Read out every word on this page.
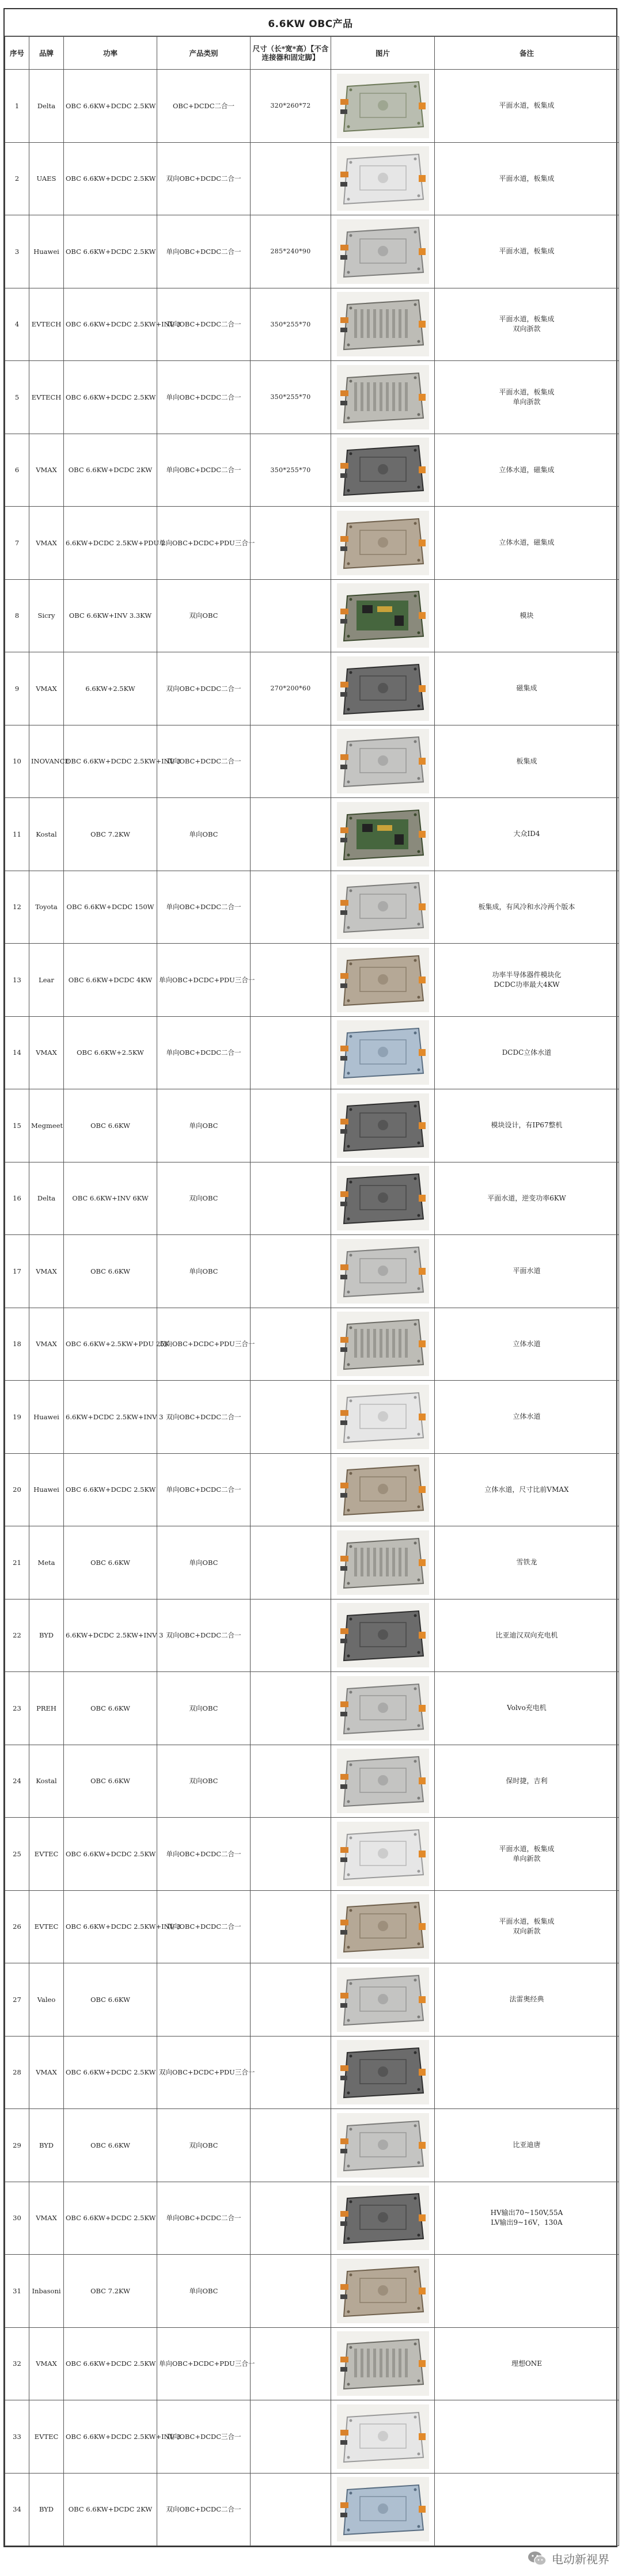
6.6KW OBC产品
序号	品牌	功率	产品类别	尺寸（长*宽*高）【不含连接器和固定脚】	图片	备注
1	Delta	OBC 6.6KW+DCDC 2.5KW	OBC+DCDC二合一	320*260*72		平面水道，板集成
2	UAES	OBC 6.6KW+DCDC 2.5KW	双向OBC+DCDC二合一			平面水道，板集成
3	Huawei	OBC 6.6KW+DCDC 2.5KW	单向OBC+DCDC二合一	285*240*90		平面水道，板集成
4	EVTECH	OBC 6.6KW+DCDC 2.5KW+INV 3	双向OBC+DCDC二合一	350*255*70		平面水道，板集成
双向浙款
5	EVTECH	OBC 6.6KW+DCDC 2.5KW	单向OBC+DCDC二合一	350*255*70		平面水道，板集成
单向浙款
6	VMAX	OBC 6.6KW+DCDC 2KW	单向OBC+DCDC二合一	350*255*70		立体水道，磁集成
7	VMAX	6.6KW+DCDC 2.5KW+PDU 2	单向OBC+DCDC+PDU三合一			立体水道，磁集成
8	Sicry	OBC 6.6KW+INV 3.3KW	双向OBC			模块
9	VMAX	6.6KW+2.5KW	双向OBC+DCDC二合一	270*200*60		磁集成
10	INOVANCE	OBC 6.6KW+DCDC 2.5KW+INV 3	双向OBC+DCDC二合一			板集成
11	Kostal	OBC 7.2KW	单向OBC			大众ID4
12	Toyota	OBC 6.6KW+DCDC 150W	单向OBC+DCDC二合一			板集成，有风冷和水冷两个版本
13	Lear	OBC 6.6KW+DCDC 4KW	单向OBC+DCDC+PDU三合一			功率半导体器件模块化
DCDC功率最大4KW
14	VMAX	OBC 6.6KW+2.5KW	单向OBC+DCDC二合一			DCDC立体水道
15	Megmeet	OBC 6.6KW	单向OBC			模块设计，有IP67整机
16	Delta	OBC 6.6KW+INV 6KW	双向OBC			平面水道，逆变功率6KW
17	VMAX	OBC 6.6KW	单向OBC			平面水道
18	VMAX	OBC 6.6KW+2.5KW+PDU 25K	双向OBC+DCDC+PDU三合一			立体水道
19	Huawei	6.6KW+DCDC 2.5KW+INV 3	双向OBC+DCDC二合一			立体水道
20	Huawei	OBC 6.6KW+DCDC 2.5KW	单向OBC+DCDC二合一			立体水道，尺寸比前VMAX
21	Meta	OBC 6.6KW	单向OBC			雪铁龙
22	BYD	6.6KW+DCDC 2.5KW+INV 3	双向OBC+DCDC二合一			比亚迪汉双向充电机
23	PREH	OBC 6.6KW	双向OBC			Volvo充电机
24	Kostal	OBC 6.6KW	双向OBC			保时捷，吉利
25	EVTEC	OBC 6.6KW+DCDC 2.5KW	单向OBC+DCDC二合一			平面水道，板集成
单向新款
26	EVTEC	OBC 6.6KW+DCDC 2.5KW+INV 3	双向OBC+DCDC二合一			平面水道，板集成
双向新款
27	Valeo	OBC 6.6KW				法雷奥经典
28	VMAX	OBC 6.6KW+DCDC 2.5KW	双向OBC+DCDC+PDU三合一		

29	BYD	OBC 6.6KW	双向OBC			比亚迪唐
30	VMAX	OBC 6.6KW+DCDC 2.5KW	单向OBC+DCDC二合一			HV输出70~150V,55A
LV输出9~16V，130A
31	Inbasoni	OBC 7.2KW	单向OBC		

32	VMAX	OBC 6.6KW+DCDC 2.5KW	单向OBC+DCDC+PDU三合一			理想ONE
33	EVTEC	OBC 6.6KW+DCDC 2.5KW+INV 3	双向OBC+DCDC三合一		

34	BYD	OBC 6.6KW+DCDC 2KW	双向OBC+DCDC二合一		

电动新视界
